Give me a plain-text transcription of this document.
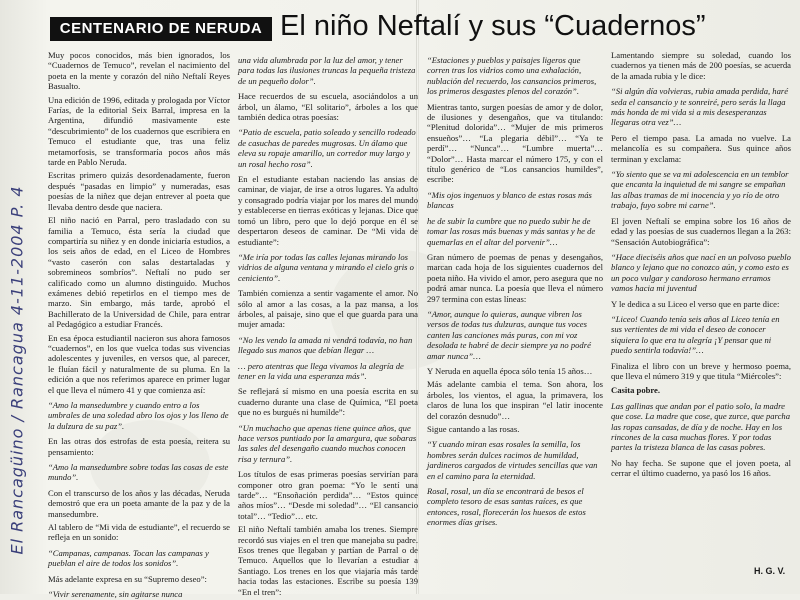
El Rancagüino / Rancagua 4-11-2004 P. 4
CENTENARIO DE NERUDA El niño Neftalí y sus “Cuadernos”

Muy pocos conocidos, más bien ignorados, los “Cuadernos de Temuco”, revelan el nacimiento del poeta en la mente y corazón del niño Neftalí Reyes Basualto.

Una edición de 1996, editada y prologada por Víctor Farías, de la editorial Seix Barral, impresa en la Argentina, difundió masivamente este “descubrimiento” de los cuadernos que escribiera en Temuco el estudiante que, tras una feliz metamorfosis, se transformaría pocos años más tarde en Pablo Neruda.

Escritas primero quizás desordenadamente, fueron después “pasadas en limpio” y numeradas, esas poesías de la niñez que dejan entrever al poeta que llevaba dentro desde que naciera.

El niño nació en Parral, pero trasladado con su familia a Temuco, ésta sería la ciudad que compartiría su niñez y en donde iniciaría estudios, a los seis años de edad, en el Liceo de Hombres “vasto caserón con salas destartaladas y sobremineos sombríos”. Neftalí no pudo ser calificado como un alumno distinguido. Muchos exámenes debió repetirlos en el tiempo mes de marzo. Sin embargo, más tarde, aprobó el Bachillerato de la Universidad de Chile, para entrar al Pedagógico a estudiar Francés.

En esa época estudiantil nacieron sus ahora famosos “cuadernos”, en los que vuelca todas sus vivencias adolescentes y juveniles, en versos que, al parecer, le fluían fácil y naturalmente de su pluma. En la edición a que nos referimos aparece en primer lugar el que lleva el número 41 y que comienza así:

“Amo la mansedumbre y cuando entro a los umbrales de una soledad abro los ojos y los lleno de la dulzura de su paz”.

En las otras dos estrofas de esta poesía, reitera su pensamiento:

“Amo la mansedumbre sobre todas las cosas de este mundo”.

Con el transcurso de los años y las décadas, Neruda demostró que era un poeta amante de la paz y de la mansedumbre.

Al tablero de “Mi vida de estudiante”, el recuerdo se refleja en un sonido:

“Campanas, campanas. Tocan las campanas y pueblan el aire de todos los sonidos”.

Más adelante expresa en su “Supremo deseo”:

“Vivir serenamente, sin agitarse nunca

una vida alumbrada por la luz del amor, y tener para todas las ilusiones truncas la pequeña tristeza de un pequeño dolor”.

Hace recuerdos de su escuela, asociándolos a un árbol, un álamo, “El solitario”, árboles a los que también dedica otras poesías:

“Patio de escuela, patio soleado y sencillo rodeado de casuchas de paredes mugrosas. Un álamo que eleva su ropaje amarillo, un corredor muy largo y un rosal hecho rosa”.

En el estudiante estaban naciendo las ansias de caminar, de viajar, de irse a otros lugares. Ya adulto y consagrado podría viajar por los mares del mundo y establecerse en tierras exóticas y lejanas. Dice que tomó un libro, pero que lo dejó porque en él se despertaron deseos de caminar. De “Mi vida de estudiante”:

“Me iría por todas las calles lejanas mirando los vidrios de alguna ventana y mirando el cielo gris o ceniciento”.

También comienza a sentir vagamente el amor. No sólo al amor a las cosas, a la paz mansa, a los árboles, al paisaje, sino que el que guarda para una mujer amada:

“No les vendo la amada ni vendrá todavía, no han llegado sus manos que debían llegar …

… pero atentras que llega vivamos la alegría de tener en la vida una esperanza más”.

Se reflejará sí mismo en una poesía escrita en su cuaderno durante una clase de Química, “El poeta que no es burgués ni humilde”:

“Un muchacho que apenas tiene quince años, que hace versos puntiado por la amargura, que sobaras las sales del desengaño cuando muchos conocen risa y ternura”.

Los títulos de esas primeras poesías servirían para componer otro gran poema: “Yo le sentí una tarde”… “Ensoñación perdida”… “Estos quince años míos”… “Desde mi soledad”… “El cansancio total”… “Tedio”… etc.

El niño Neftalí también amaba los trenes. Siempre recordó sus viajes en el tren que manejaba su padre. Esos trenes que llegaban y partían de Parral o de Temuco. Aquellos que lo llevarían a estudiar a Santiago. Los trenes en los que viajaría más tarde hacia todas las estaciones. Escribe su poesía 139 “En el tren”:

“Estaciones y pueblos y paisajes ligeros que corren tras los vidrios como una exhalación, nublación del recuerdo, los cansancios primeros, los primeros desgastes plenos del corazón”.

Mientras tanto, surgen poesías de amor y de dolor, de ilusiones y desengaños, que va titulando: “Plenitud dolorida”… “Mujer de mis primeros ensueños”… “La plegaria débil”… “Ya te perdí”… “Nunca”… “Lumbre muerta”… “Dolor”… Hasta marcar el número 175, y con el título genérico de “Los cansancios humildes”, escribe:

“Mis ojos ingenuos y blanco de estas rosas más blancas

he de subir la cumbre que no puedo subir he de tomar las rosas más buenas y más santas y he de quemarlas en el altar del porvenir”…

Gran número de poemas de penas y desengaños, marcan cada hoja de los siguientes cuadernos del poeta niño. Ha vivido el amor, pero asegura que no podrá amar nunca. La poesía que lleva el número 297 termina con estas líneas:

“Amor, aunque lo quieras, aunque vibren los versos de todas tus dulzuras, aunque tus voces canten las canciones más puras, con mi voz desolada te habré de decir siempre ya no podré amar nunca”…

Y Neruda en aquella época sólo tenía 15 años…

Más adelante cambia el tema. Son ahora, los árboles, los vientos, el agua, la primavera, los claros de luna los que inspiran “el latir inocente del corazón desnudo”…

Sigue cantando a las rosas.

“Y cuando miran esas rosales la semilla, los hombres serán dulces racimos de humildad, jardineros cargados de virtudes sencillas que van en el camino para la eternidad.

Rosal, rosal, un día se encontrará de besos el completo tesoro de esas santas raíces, es que entonces, rosal, florecerán los huesos de estos enormes días grises.

Lamentando siempre su soledad, cuando los cuadernos ya tienen más de 200 poesías, se acuerda de la amada rubia y le dice:

“Si algún día volvieras, rubia amada perdida, haré seda el cansancio y te sonreiré, pero serás la llaga más honda de mi vida si a mis desesperanzas llegaras otra vez”…

Pero el tiempo pasa. La amada no vuelve. La melancolía es su compañera. Sus quince años terminan y exclama:

“Yo siento que se va mi adolescencia en un temblor que encanta la inquietud de mi sangre se empañan las albas tramas de mi inocencia y yo río de otro trabajo, fuyo sobre mi carne”.

El joven Neftalí se empina sobre los 16 años de edad y las poesías de sus cuadernos llegan a la 263: “Sensación Autobiográfica”:

“Hace dieciséis años que nací en un polvoso pueblo blanco y lejano que no conozco aún, y como esto es un poco vulgar y candoroso hermano erramos vamos hacia mi juventud

Y le dedica a su Liceo el verso que en parte dice:

“Liceo! Cuando tenía seis años al Liceo tenía en sus vertientes de mi vida el deseo de conocer siquiera lo que era tu alegría ¡Y pensar que ni puedo sentirla todavía!”…

Finaliza el libro con un breve y hermoso poema, que lleva el número 319 y que titula “Miércoles”:

Casita pobre.

Las gallinas que andan por el patio solo, la madre que cose. La madre que cose, que zurce, que parcha las ropas cansadas, de día y de noche. Hay en los rincones de la casa muchas flores. Y por todas partes la tristeza blanca de las casas pobres.

No hay fecha. Se supone que el joven poeta, al cerrar el último cuaderno, ya pasó los 16 años.

H. G. V.
